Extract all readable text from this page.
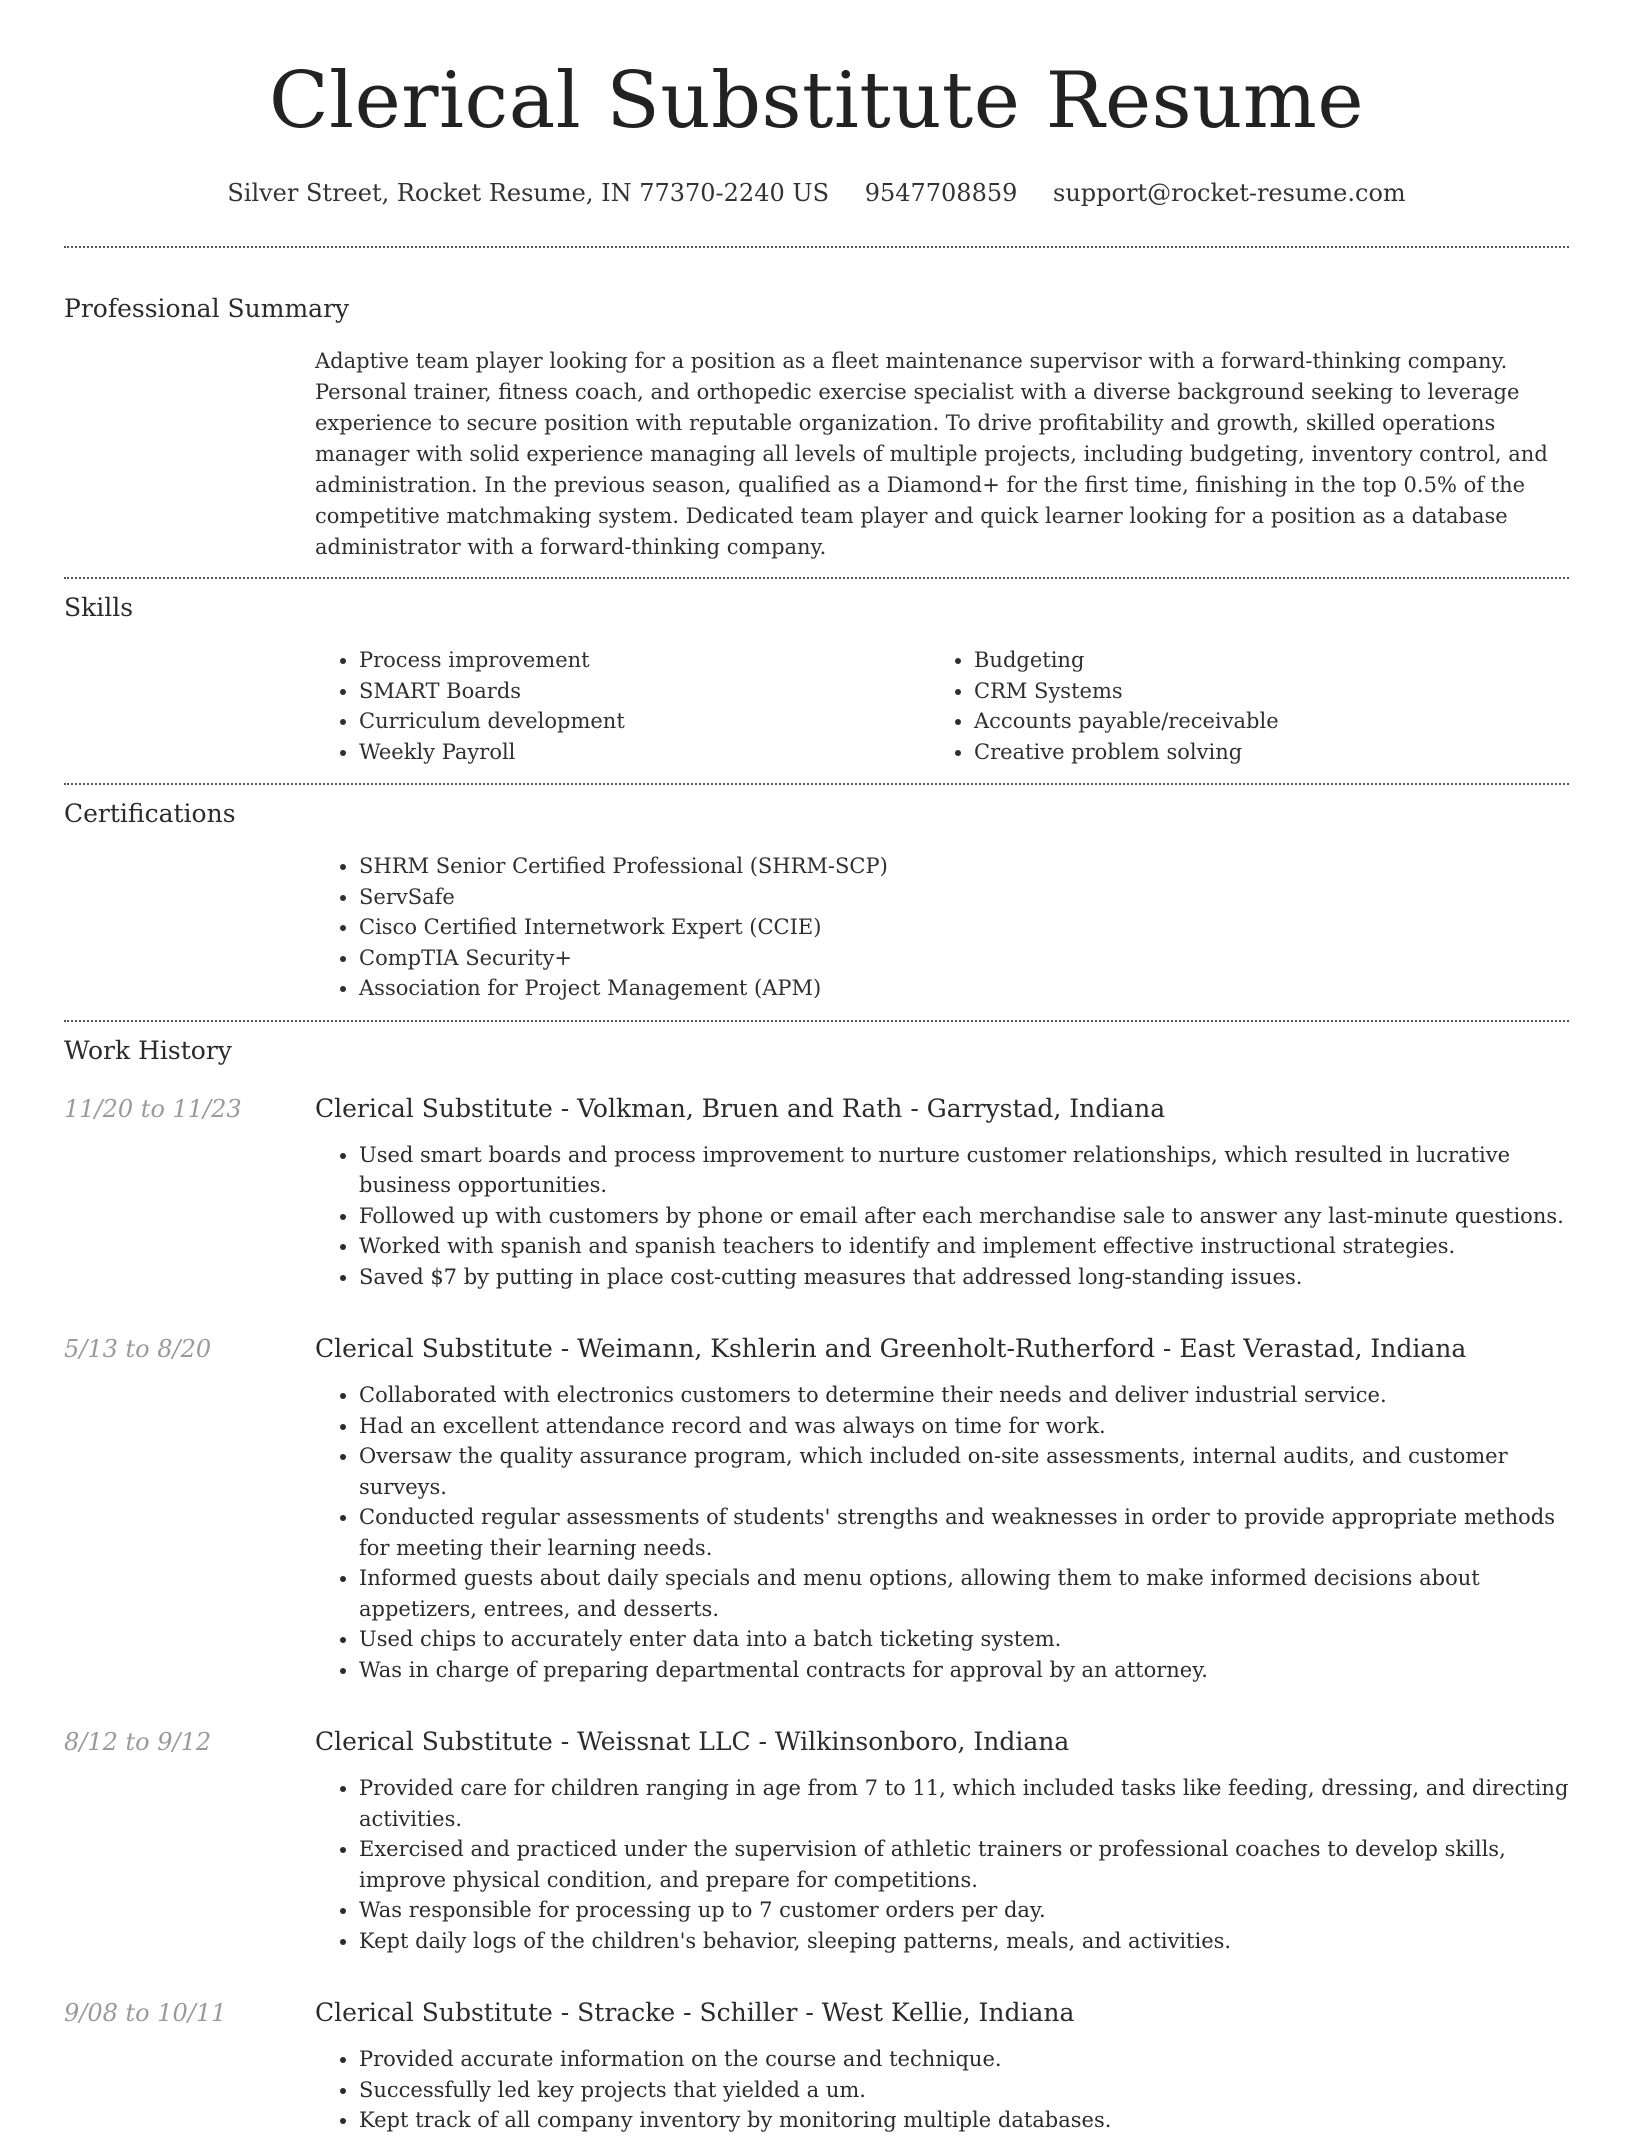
Clerical Substitute Resume
Silver Street, Rocket Resume, IN 77370-2240 US 9547708859 support@rocket-resume.com
Professional Summary

Adaptive team player looking for a position as a fleet maintenance supervisor with a forward-thinking company. Personal trainer, fitness coach, and orthopedic exercise specialist with a diverse background seeking to leverage experience to secure position with reputable organization. To drive profitability and growth, skilled operations manager with solid experience managing all levels of multiple projects, including budgeting, inventory control, and administration. In the previous season, qualified as a Diamond+ for the first time, finishing in the top 0.5% of the competitive matchmaking system. Dedicated team player and quick learner looking for a position as a database administrator with a forward-thinking company.

Skills
• Process improvement
• SMART Boards
• Curriculum development
• Weekly Payroll
• Budgeting
• CRM Systems
• Accounts payable/receivable
• Creative problem solving
Certifications
• SHRM Senior Certified Professional (SHRM-SCP)
• ServSafe
• Cisco Certified Internetwork Expert (CCIE)
• CompTIA Security+
• Association for Project Management (APM)
Work History
11/20 to 11/23	Clerical Substitute - Volkman, Bruen and Rath - Garrystad, Indiana
• Used smart boards and process improvement to nurture customer relationships, which resulted in lucrative business opportunities.
• Followed up with customers by phone or email after each merchandise sale to answer any last-minute questions.
• Worked with spanish and spanish teachers to identify and implement effective instructional strategies.
• Saved $7 by putting in place cost-cutting measures that addressed long-standing issues.
5/13 to 8/20	Clerical Substitute - Weimann, Kshlerin and Greenholt-Rutherford - East Verastad, Indiana
• Collaborated with electronics customers to determine their needs and deliver industrial service.
• Had an excellent attendance record and was always on time for work.
• Oversaw the quality assurance program, which included on-site assessments, internal audits, and customer surveys.
• Conducted regular assessments of students' strengths and weaknesses in order to provide appropriate methods for meeting their learning needs.
• Informed guests about daily specials and menu options, allowing them to make informed decisions about appetizers, entrees, and desserts.
• Used chips to accurately enter data into a batch ticketing system.
• Was in charge of preparing departmental contracts for approval by an attorney.
8/12 to 9/12	Clerical Substitute - Weissnat LLC - Wilkinsonboro, Indiana
• Provided care for children ranging in age from 7 to 11, which included tasks like feeding, dressing, and directing activities.
• Exercised and practiced under the supervision of athletic trainers or professional coaches to develop skills, improve physical condition, and prepare for competitions.
• Was responsible for processing up to 7 customer orders per day.
• Kept daily logs of the children's behavior, sleeping patterns, meals, and activities.
9/08 to 10/11	Clerical Substitute - Stracke - Schiller - West Kellie, Indiana
• Provided accurate information on the course and technique.
• Successfully led key projects that yielded a um.
• Kept track of all company inventory by monitoring multiple databases.
